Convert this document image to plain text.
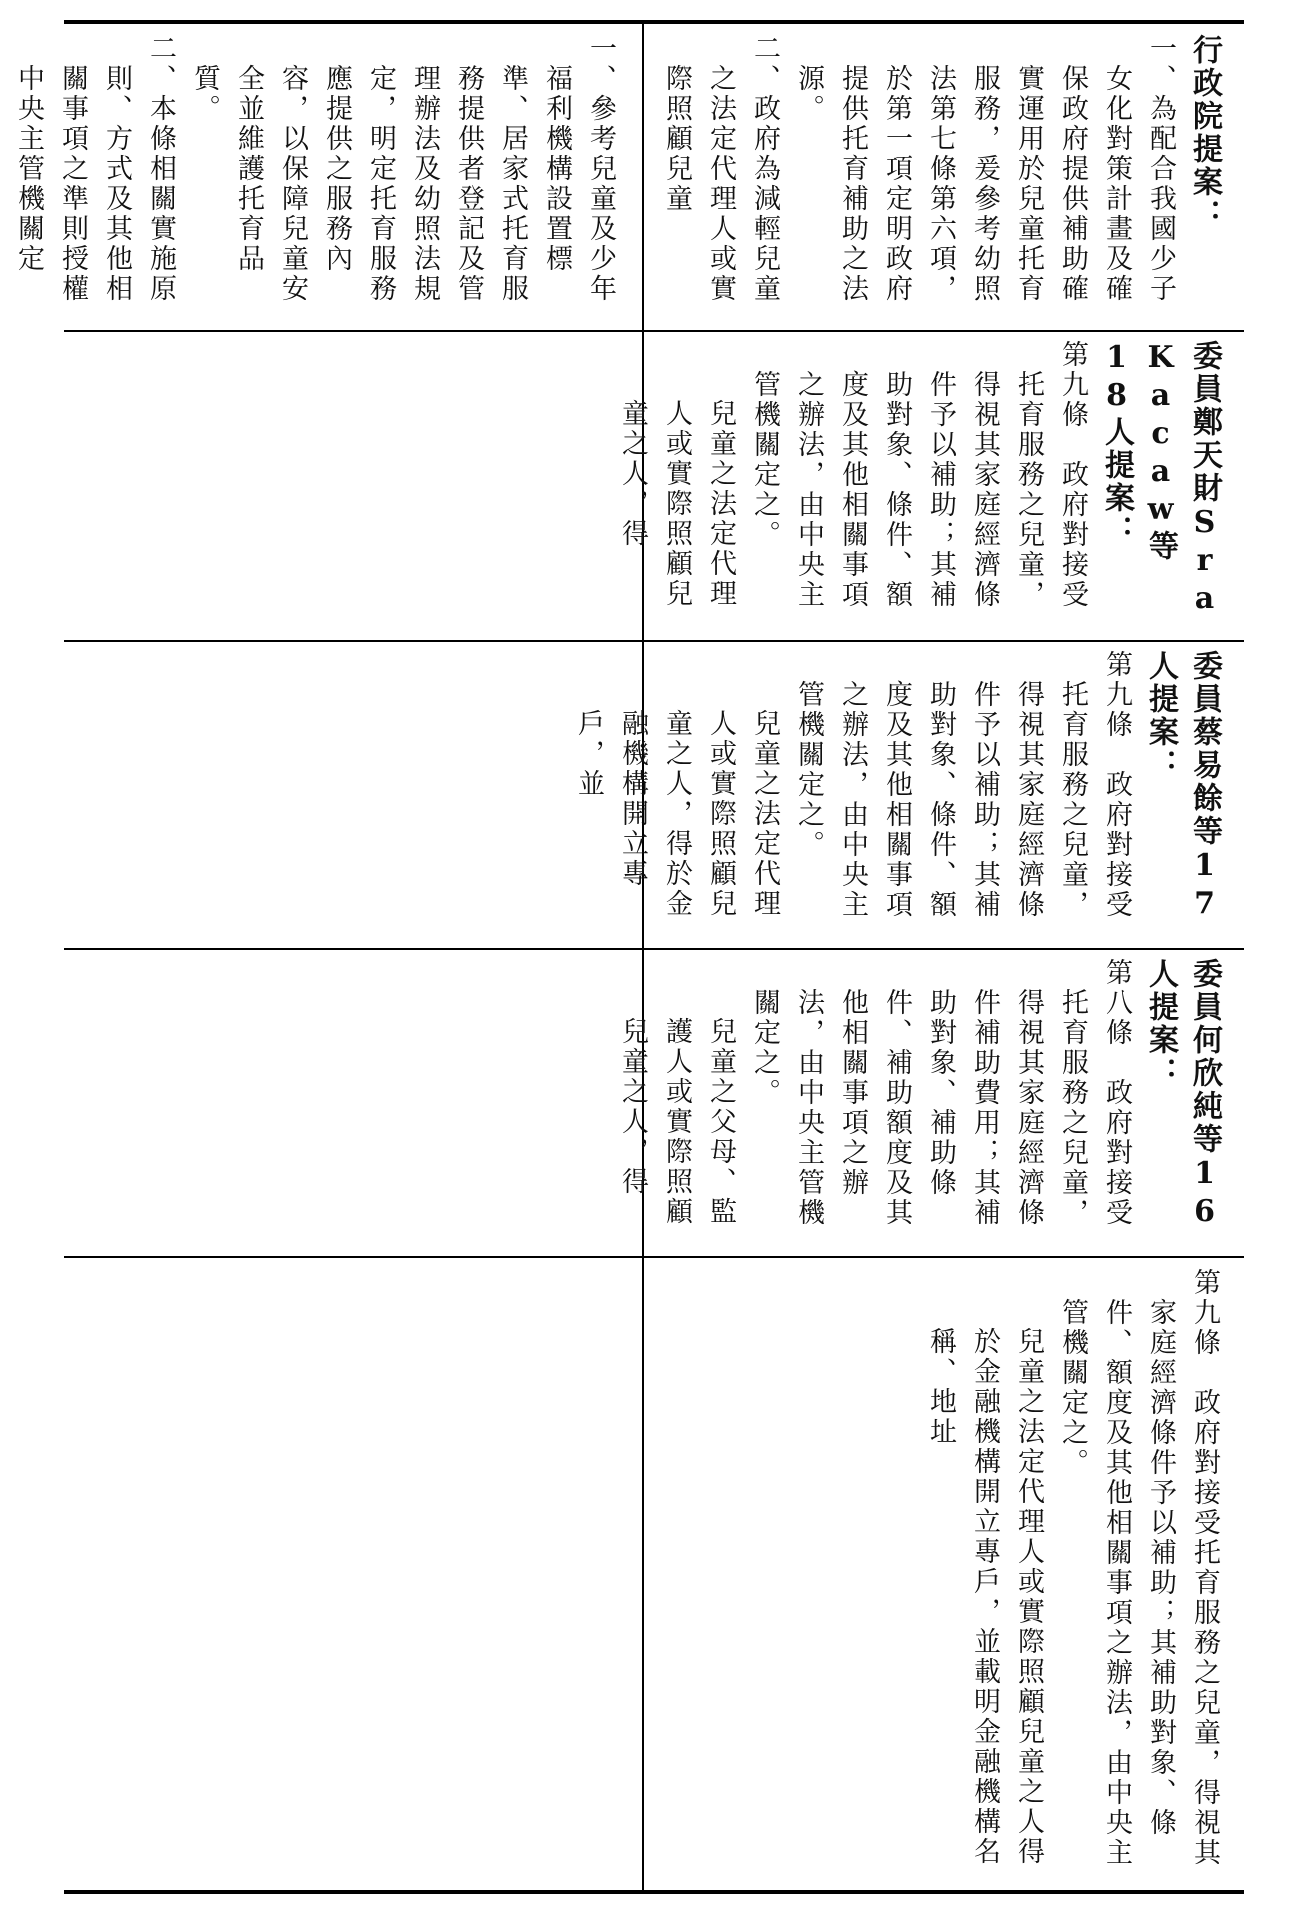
一、參考兒童及少年福利機構設置標準、居家式托育服務提供者登記及管理辦法及幼照法規定，明定托育服務應提供之服務內容，以保障兒童安全並維護托育品質。
二、本條相關實施原則、方式及其他相關事項之準則授權中央主管機關定
行政院提案：
一、為配合我國少子女化對策計畫及確保政府提供補助確實運用於兒童托育服務，爰參考幼照法第七條第六項，於第一項定明政府提供托育補助之法源。
二、政府為減輕兒童之法定代理人或實際照顧兒童
委員鄭天財Sra Kacaw等18人提案：
第九條　政府對接受托育服務之兒童，得視其家庭經濟條件予以補助；其補助對象、條件、額度及其他相關事項之辦法，由中央主管機關定之。
兒童之法定代理人或實際照顧兒童之人，得
委員蔡易餘等17人提案：
第九條　政府對接受托育服務之兒童，得視其家庭經濟條件予以補助；其補助對象、條件、額度及其他相關事項之辦法，由中央主管機關定之。
兒童之法定代理人或實際照顧兒童之人，得於金融機構開立專戶，並
委員何欣純等16人提案：
第八條　政府對接受托育服務之兒童，得視其家庭經濟條件補助費用；其補助對象、補助條件、補助額度及其他相關事項之辦法，由中央主管機關定之。
兒童之父母、監護人或實際照顧兒童之人，得
第九條　政府對接受托育服務之兒童，得視其家庭經濟條件予以補助；其補助對象、條件、額度及其他相關事項之辦法，由中央主管機關定之。
兒童之法定代理人或實際照顧兒童之人得於金融機構開立專戶，並載明金融機構名稱、地址
